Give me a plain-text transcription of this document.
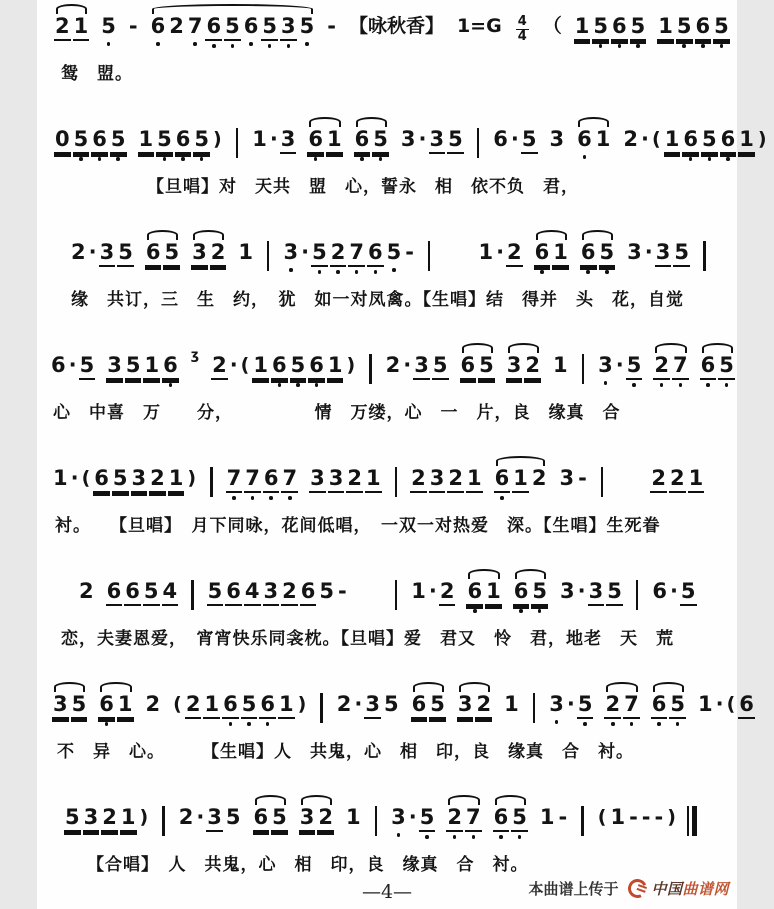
2 1 5 - 6 2 7 6 5 6 5 3 5 - 【咏秋香】 $1=G \frac{4}{4}$ （ 1 5 6 5 1 5 6 5
鸳　盟。
0 5 6 5 1 5 6 5 ) 1 · 3 6 1 6 5 3 · 3 5 6 · 5 3 6 1 2 · ( 1 6 5 6 1 )
【旦唱】对　天共　盟　心，誓永　相　依不负　君，
2 · 3 5 6 5 3 2 1 3 · 5 2 7 6 5 -	1 · 2 6 1 6 5 3 · 3 5
缘　共订，三　生　约，　犹　如一对凤禽。【生唱】结　得并　头　花，自觉
6 · 5 3 5 1 6 ʒ 2 · ( 1 6 5 6 1 ) 2 · 3 5 6 5 3 2 1 3 · 5 2 7 6 5
心　中喜　万　　分，　　　　　情　万缕，心　一　片，良　缘真　合
1 · ( 6 5 3 2 1 ) 7 7 6 7 3 3 2 1 2 3 2 1 6 1 2 3 -	2 2 1
衬。　　【旦唱】　月下同咏，花间低唱，　一双一对热爱　深。【生唱】生死眷
2 6 6 5 4 5 6 4 3 2 6 5 -	1 · 2 6 1 6 5 3 · 3 5 6 · 5
恋，夫妻恩爱，　宵宵快乐同衾枕。【旦唱】爱　君又　怜　君，地老　天　荒
3 5 6 1 2 ( 2 1 6 5 6 1 ) 2 · 3 5 6 5 3 2 1 3 · 5 2 7 6 5 1 · ( 6
不　异　心。　　　【生唱】人　共鬼，心　相　印，良　缘真　合　衬。
5 3 2 1 ) 2 · 3 5 6 5 3 2 1 3 · 5 2 7 6 5 1 - ( 1 - - - )
【合唱】　人　共鬼，心　相　印，良　缘真　合　衬。
—4—	本曲谱上传于 中国曲谱网
